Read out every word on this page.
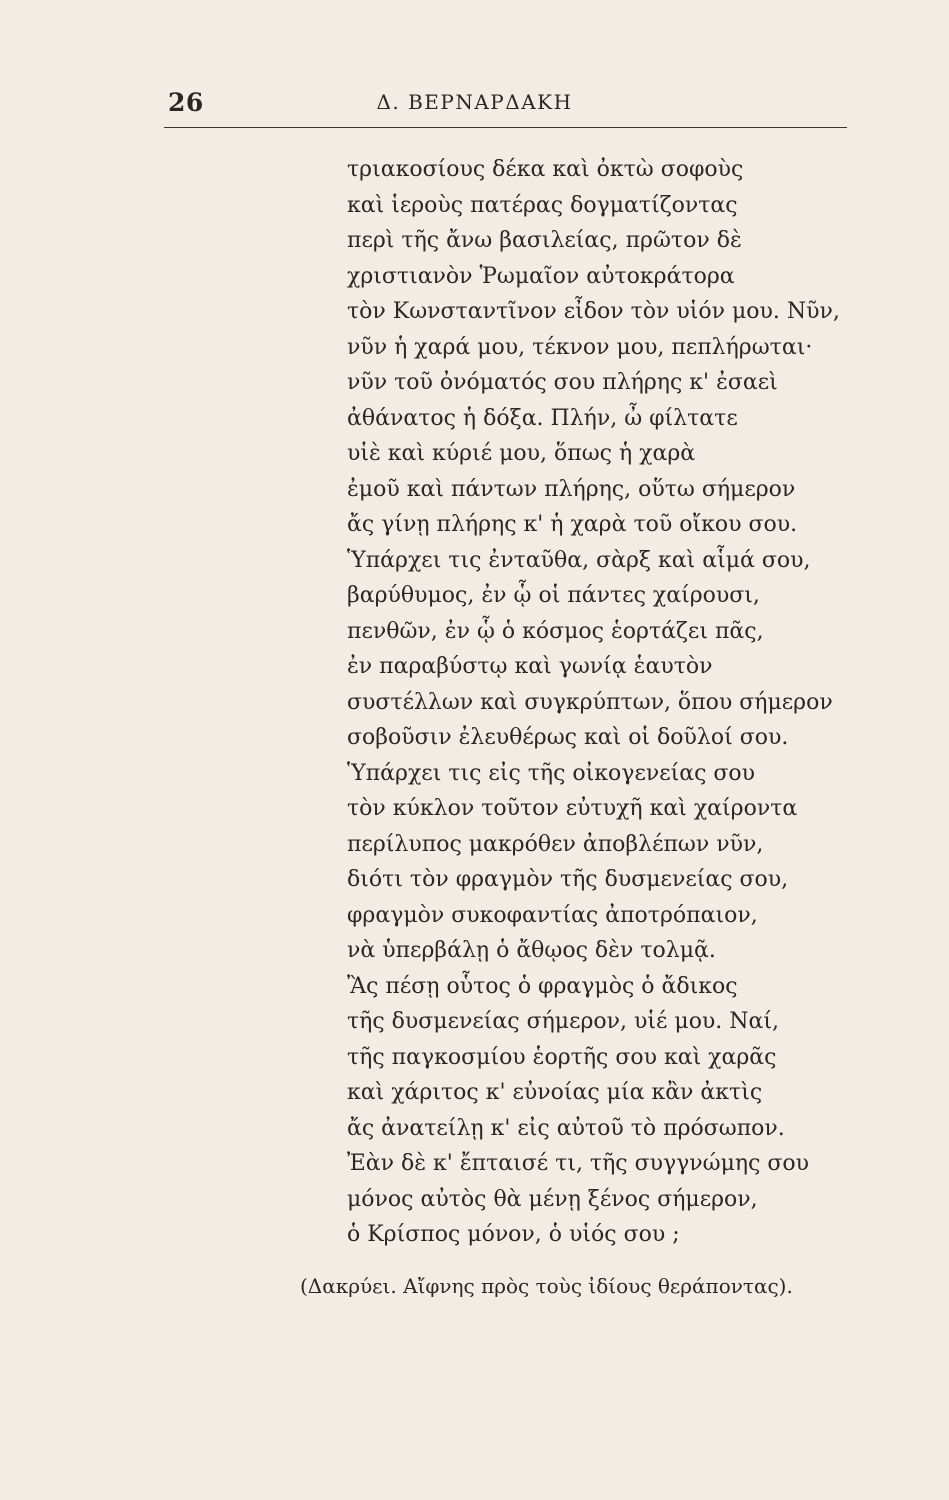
26	Δ. ΒΕΡΝΑΡΔΑΚΗ
τριακοσίους δέκα καὶ ὀκτὼ σοφοὺς
καὶ ἱεροὺς πατέρας δογματίζοντας
περὶ τῆς ἄνω βασιλείας, πρῶτον δὲ
χριστιανὸν Ῥωμαῖον αὐτοκράτορα
τὸν Κωνσταντῖνον εἶδον τὸν υἱόν μου. Νῦν,
νῦν ἡ χαρά μου, τέκνον μου, πεπλήρωται·
νῦν τοῦ ὀνόματός σου πλήρης κ' ἐσαεὶ
ἀθάνατος ἡ δόξα. Πλήν, ὦ φίλτατε
υἱὲ καὶ κύριέ μου, ὅπως ἡ χαρὰ
ἐμοῦ καὶ πάντων πλήρης, οὕτω σήμερον
ἄς γίνῃ πλήρης κ' ἡ χαρὰ τοῦ οἴκου σου.
Ὑπάρχει τις ἐνταῦθα, σὰρξ καὶ αἷμά σου,
βαρύθυμος, ἐν ᾧ οἱ πάντες χαίρουσι,
πενθῶν, ἐν ᾧ ὁ κόσμος ἑορτάζει πᾶς,
ἐν παραβύστῳ καὶ γωνίᾳ ἑαυτὸν
συστέλλων καὶ συγκρύπτων, ὅπου σήμερον
σοβοῦσιν ἐλευθέρως καὶ οἱ δοῦλοί σου.
Ὑπάρχει τις εἰς τῆς οἰκογενείας σου
τὸν κύκλον τοῦτον εὐτυχῆ καὶ χαίροντα
περίλυπος μακρόθεν ἀποβλέπων νῦν,
διότι τὸν φραγμὸν τῆς δυσμενείας σου,
φραγμὸν συκοφαντίας ἀποτρόπαιον,
νὰ ὑπερβάλῃ ὁ ἄθῳος δὲν τολμᾷ.
Ἂς πέσῃ οὗτος ὁ φραγμὸς ὁ ἄδικος
τῆς δυσμενείας σήμερον, υἱέ μου. Ναί,
τῆς παγκοσμίου ἑορτῆς σου καὶ χαρᾶς
καὶ χάριτος κ' εὐνοίας μία κἂν ἀκτὶς
ἄς ἀνατείλῃ κ' εἰς αὐτοῦ τὸ πρόσωπον.
Ἐὰν δὲ κ' ἔπταισέ τι, τῆς συγγνώμης σου
μόνος αὐτὸς θὰ μένῃ ξένος σήμερον,
ὁ Κρίσπος μόνον, ὁ υἱός σου ;
(Δακρύει. Αἴφνης πρὸς τοὺς ἰδίους θεράποντας).
